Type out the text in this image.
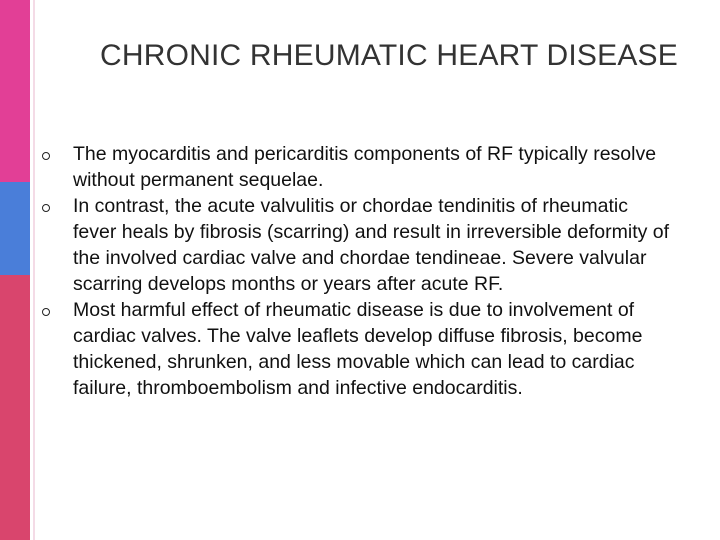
CHRONIC RHEUMATIC HEART DISEASE
The myocarditis and pericarditis components of RF typically resolve without permanent sequelae.
In contrast, the acute valvulitis or chordae tendinitis of rheumatic fever heals by fibrosis (scarring) and result in irreversible deformity of the involved cardiac valve and chordae tendineae. Severe valvular scarring develops months or years after acute RF.
Most harmful effect of rheumatic disease is due to involvement of cardiac valves. The valve leaflets develop diffuse fibrosis, become thickened, shrunken, and less movable which can lead to cardiac failure, thromboembolism and infective endocarditis.
